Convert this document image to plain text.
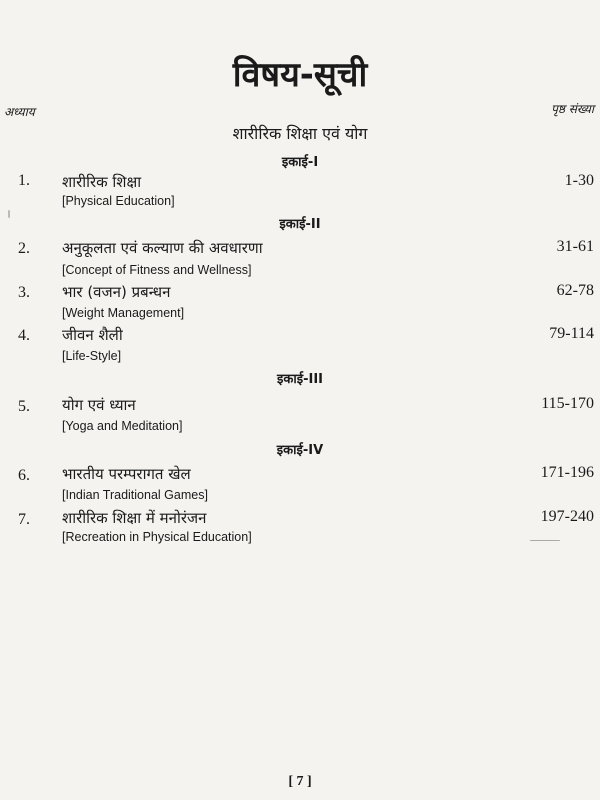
विषय-सूची
अध्याय	पृष्ठ संख्या
शारीरिक शिक्षा एवं योग
इकाई-I
1. शारीरिक शिक्षा	1-30
[Physical Education]
इकाई-II
2. अनुकूलता एवं कल्याण की अवधारणा	31-61
[Concept of Fitness and Wellness]
3. भार (वजन) प्रबन्धन	62-78
[Weight Management]
4. जीवन शैली	79-114
[Life-Style]
इकाई-III
5. योग एवं ध्यान	115-170
[Yoga and Meditation]
इकाई-IV
6. भारतीय परम्परागत खेल	171-196
[Indian Traditional Games]
7. शारीरिक शिक्षा में मनोरंजन	197-240
[Recreation in Physical Education]
[ 7 ]
